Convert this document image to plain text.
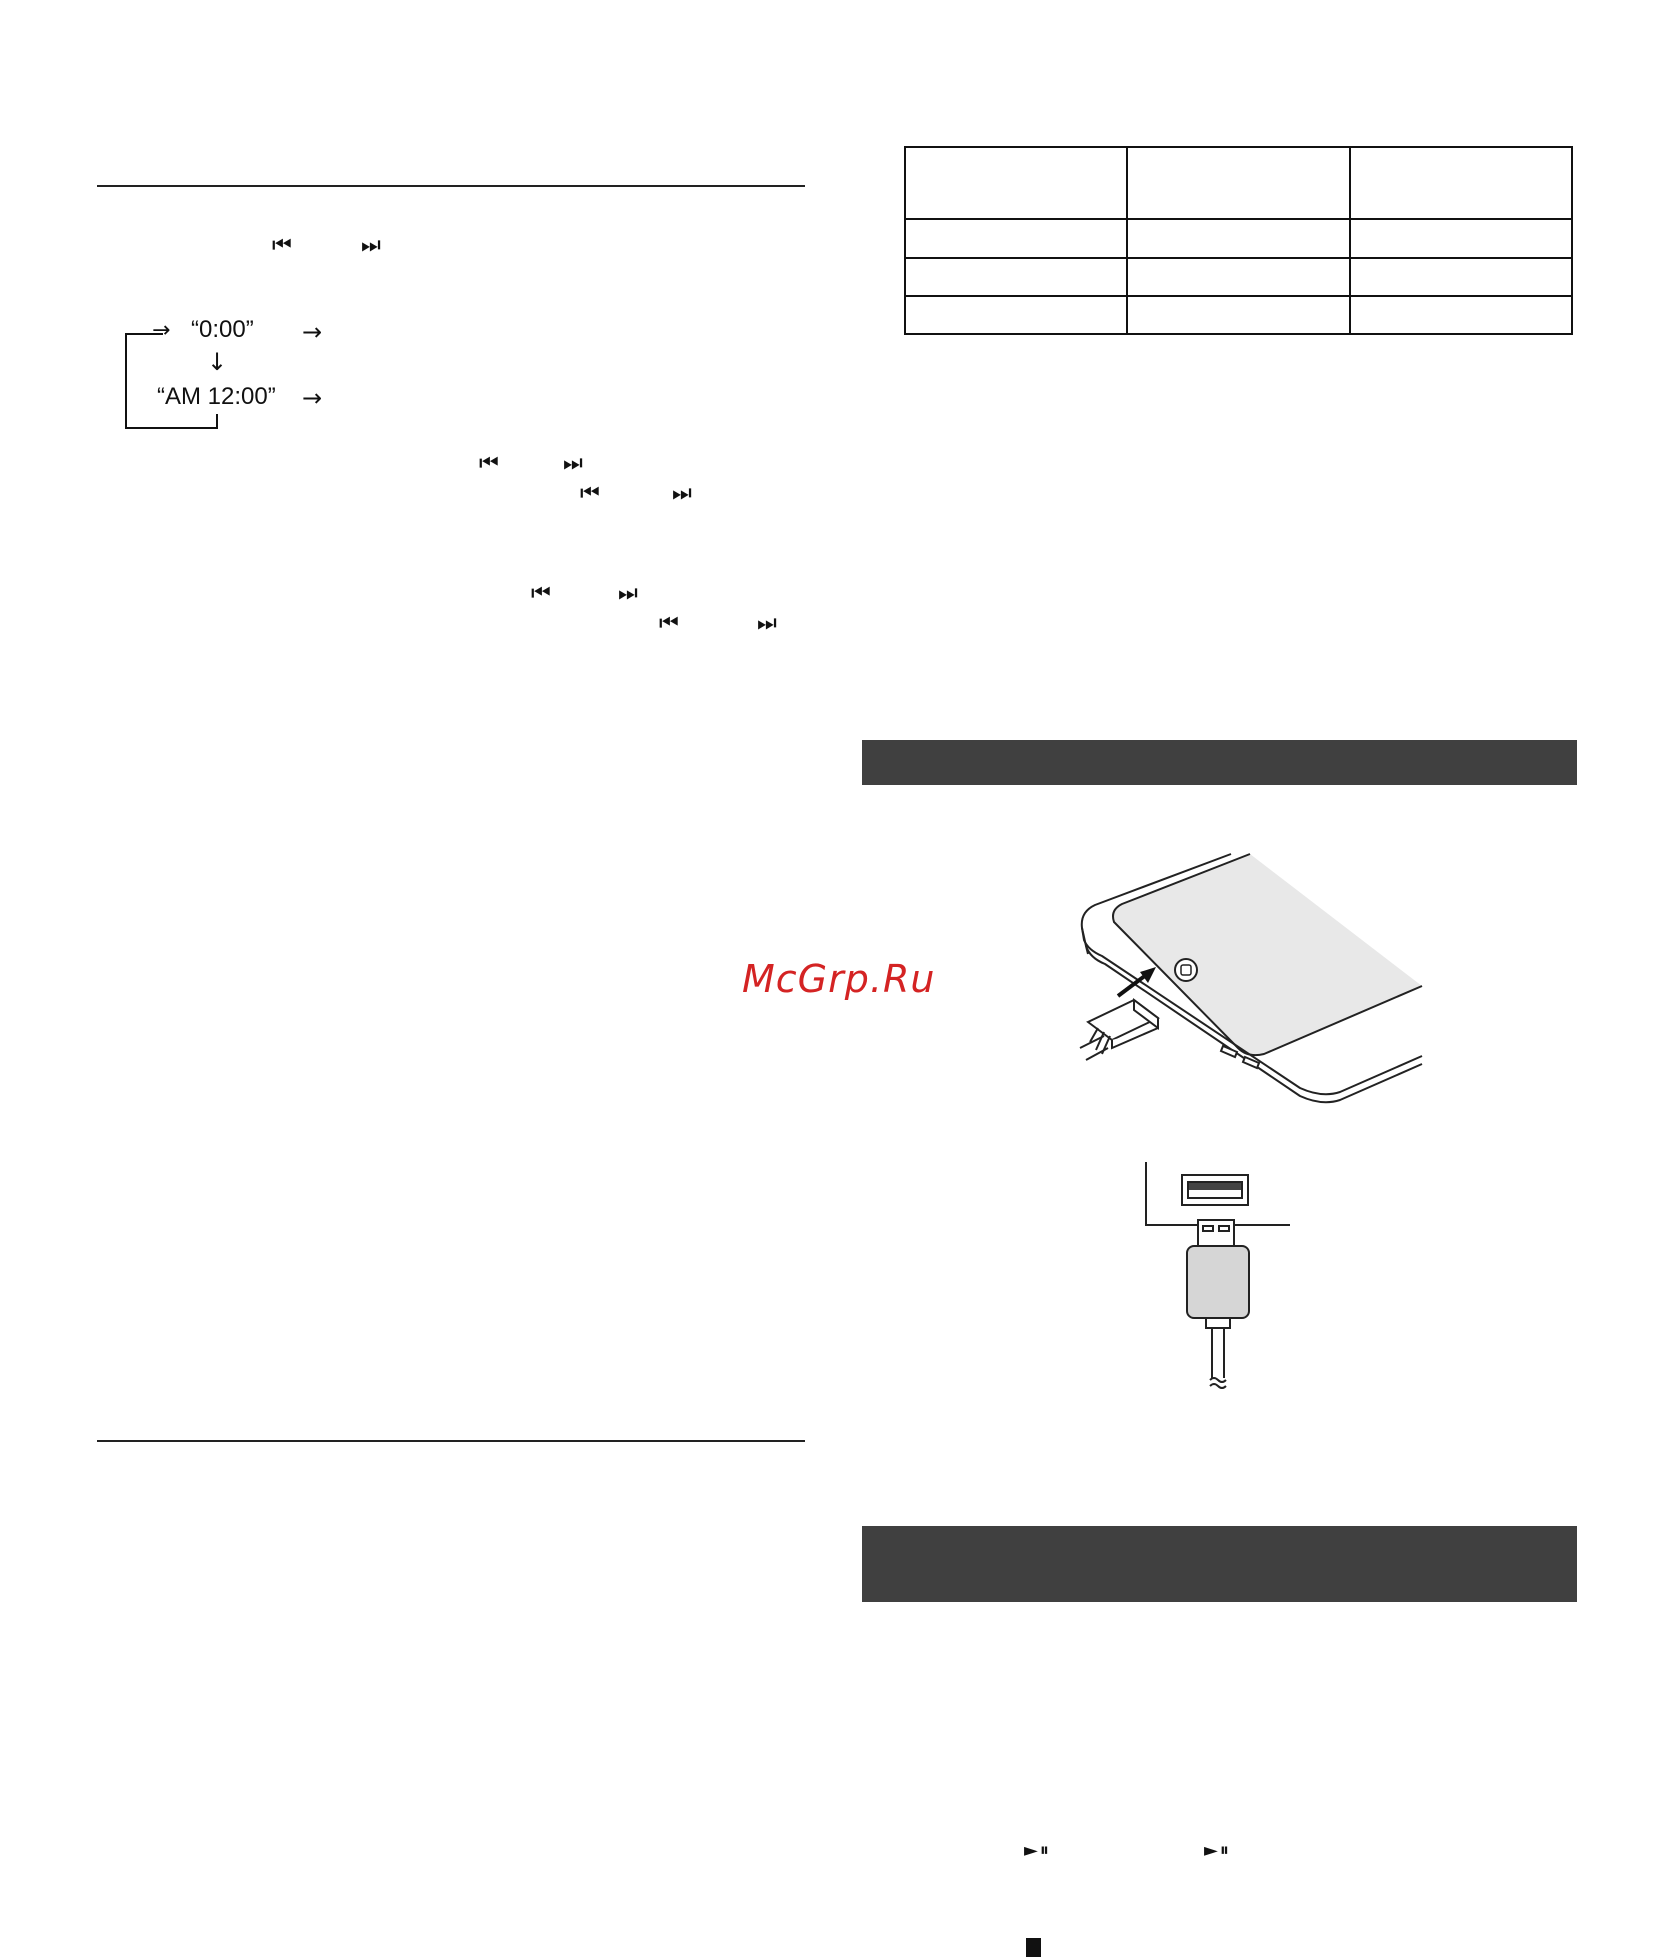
⏮	⏭
→ “0:00” →
↓
“AM 12:00” →
⏮	⏭
⏮	⏭
⏮	⏭
⏮	⏭

McGrp.Ru
►⏸	►⏸
